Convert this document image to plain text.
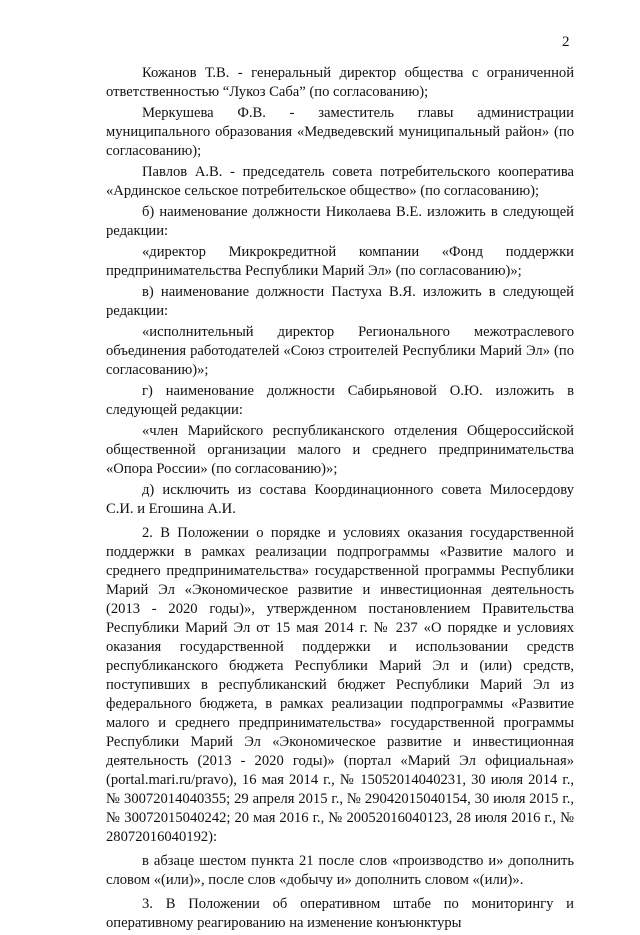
2

Кожанов Т.В. - генеральный директор общества с ограниченной ответственностью “Лукоз Саба” (по согласованию);

Меркушева Ф.В. - заместитель главы администрации муниципального образования «Медведевский муниципальный район» (по согласованию);

Павлов А.В. - председатель совета потребительского кооператива «Ардинское сельское потребительское общество» (по согласованию);

б) наименование должности Николаева В.Е. изложить в следующей редакции:

«директор Микрокредитной компании «Фонд поддержки предпринимательства Республики Марий Эл» (по согласованию)»;

в) наименование должности Пастуха В.Я. изложить в следующей редакции:

«исполнительный директор Регионального межотраслевого объединения работодателей «Союз строителей Республики Марий Эл» (по согласованию)»;

г) наименование должности Сабирьяновой О.Ю. изложить в следующей редакции:

«член Марийского республиканского отделения Общероссийской общественной организации малого и среднего предпринимательства «Опора России» (по согласованию)»;

д) исключить из состава Координационного совета Милосердову С.И. и Егошина А.И.

2. В Положении о порядке и условиях оказания государственной поддержки в рамках реализации подпрограммы «Развитие малого и среднего предпринимательства» государственной программы Республики Марий Эл «Экономическое развитие и инвестиционная деятельность (2013 - 2020 годы)», утвержденном постановлением Правительства Республики Марий Эл от 15 мая 2014 г. № 237 «О порядке и условиях оказания государственной поддержки и использовании средств республиканского бюджета Республики Марий Эл и (или) средств, поступивших в республиканский бюджет Республики Марий Эл из федерального бюджета, в рамках реализации подпрограммы «Развитие малого и среднего предпринимательства» государственной программы Республики Марий Эл «Экономическое развитие и инвестиционная деятельность (2013 - 2020 годы)» (портал «Марий Эл официальная» (portal.mari.ru/pravo), 16 мая 2014 г., № 15052014040231, 30 июля 2014 г., № 30072014040355; 29 апреля 2015 г., № 29042015040154, 30 июля 2015 г., № 30072015040242; 20 мая 2016 г., № 20052016040123, 28 июля 2016 г., № 28072016040192):

в абзаце шестом пункта 21 после слов «производство и» дополнить словом «(или)», после слов «добычу и» дополнить словом «(или)».

3. В Положении об оперативном штабе по мониторингу и оперативному реагированию на изменение конъюнктуры
